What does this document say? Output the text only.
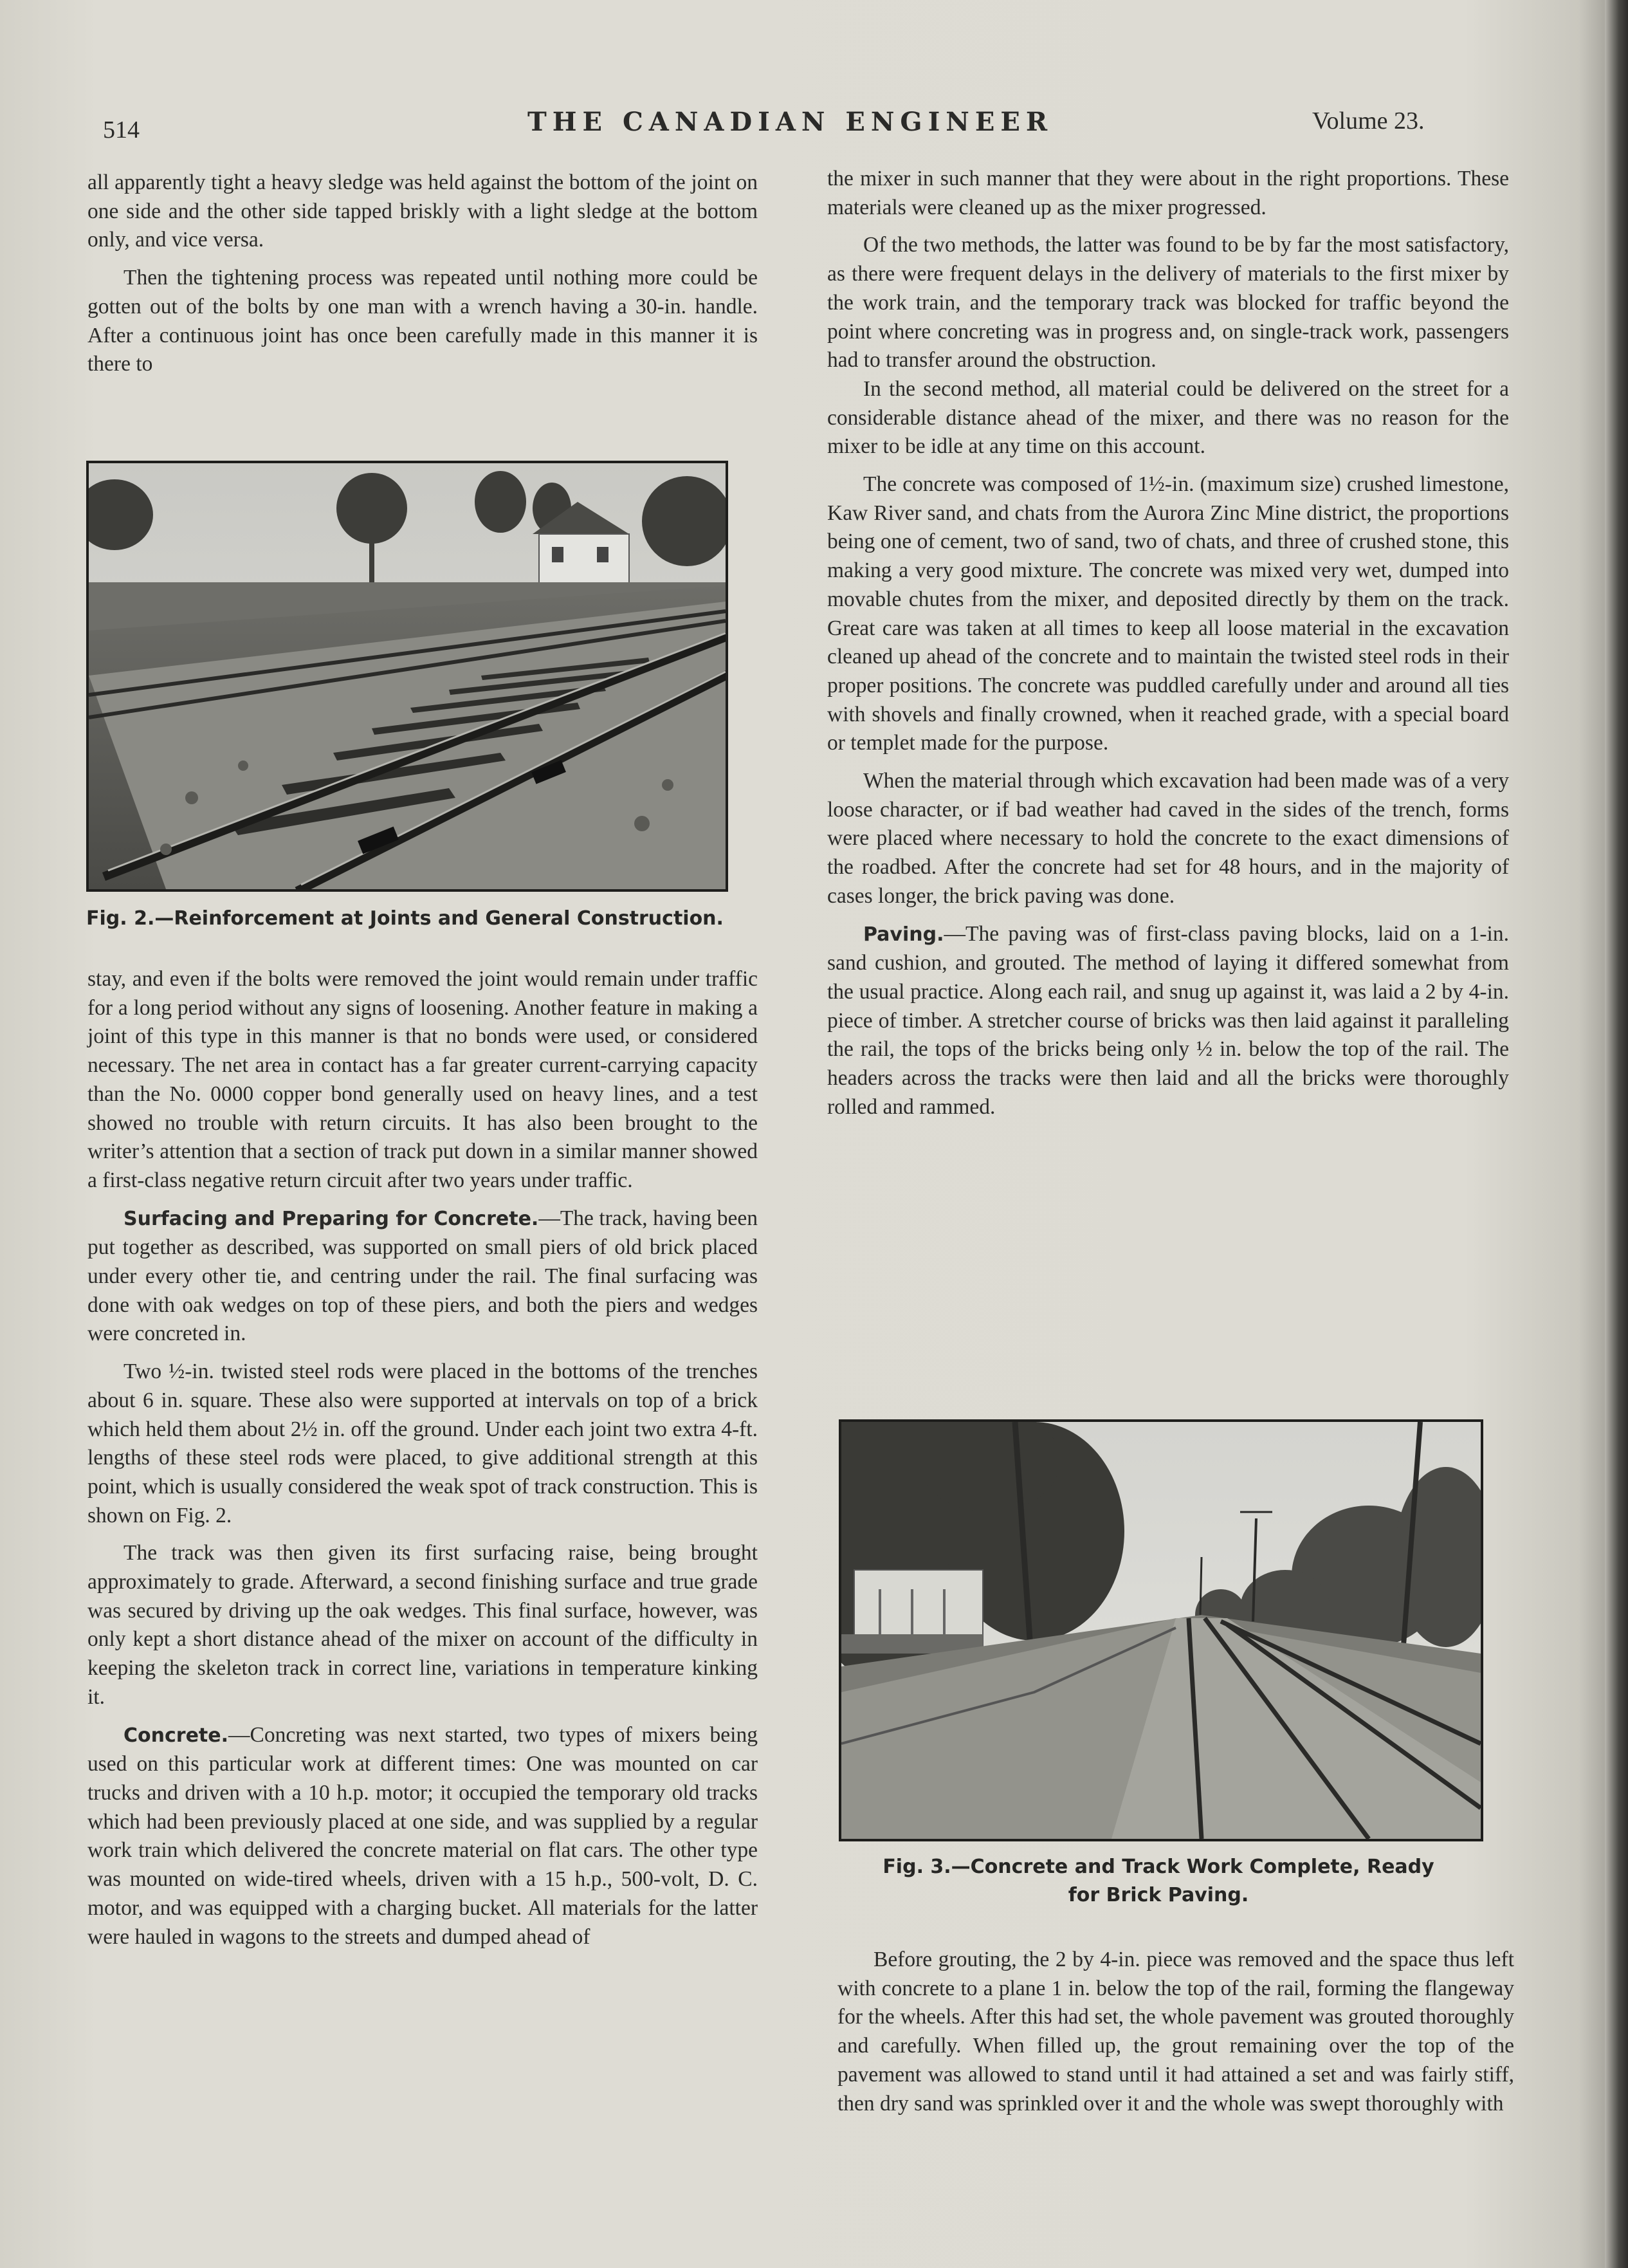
514	THE CANADIAN ENGINEER	Volume 23.

all apparently tight a heavy sledge was held against the bottom of the joint on one side and the other side tapped briskly with a light sledge at the bottom only, and vice versa.

Then the tightening process was repeated until nothing more could be gotten out of the bolts by one man with a wrench having a 30-in. handle. After a continuous joint has once been carefully made in this manner it is there to

Fig. 2.—Reinforcement at Joints and General Construction.

stay, and even if the bolts were removed the joint would remain under traffic for a long period without any signs of loosening. Another feature in making a joint of this type in this manner is that no bonds were used, or considered necessary. The net area in contact has a far greater current-carrying capacity than the No. 0000 copper bond generally used on heavy lines, and a test showed no trouble with return circuits. It has also been brought to the writer’s attention that a section of track put down in a similar manner showed a first-class negative return circuit after two years under traffic.

Surfacing and Preparing for Concrete.—The track, having been put together as described, was supported on small piers of old brick placed under every other tie, and centring under the rail. The final surfacing was done with oak wedges on top of these piers, and both the piers and wedges were concreted in.

Two ½-in. twisted steel rods were placed in the bottoms of the trenches about 6 in. square. These also were supported at intervals on top of a brick which held them about 2½ in. off the ground. Under each joint two extra 4-ft. lengths of these steel rods were placed, to give additional strength at this point, which is usually considered the weak spot of track construction. This is shown on Fig. 2.

The track was then given its first surfacing raise, being brought approximately to grade. Afterward, a second finishing surface and true grade was secured by driving up the oak wedges. This final surface, however, was only kept a short distance ahead of the mixer on account of the difficulty in keeping the skeleton track in correct line, variations in temperature kinking it.

Concrete.—Concreting was next started, two types of mixers being used on this particular work at different times: One was mounted on car trucks and driven with a 10 h.p. motor; it occupied the temporary old tracks which had been previously placed at one side, and was supplied by a regular work train which delivered the concrete material on flat cars. The other type was mounted on wide-tired wheels, driven with a 15 h.p., 500-volt, D. C. motor, and was equipped with a charging bucket. All materials for the latter were hauled in wagons to the streets and dumped ahead of

the mixer in such manner that they were about in the right proportions. These materials were cleaned up as the mixer progressed.

Of the two methods, the latter was found to be by far the most satisfactory, as there were frequent delays in the delivery of materials to the first mixer by the work train, and the temporary track was blocked for traffic beyond the point where concreting was in progress and, on single-track work, passengers had to transfer around the obstruction.

In the second method, all material could be delivered on the street for a considerable distance ahead of the mixer, and there was no reason for the mixer to be idle at any time on this account.

The concrete was composed of 1½-in. (maximum size) crushed limestone, Kaw River sand, and chats from the Aurora Zinc Mine district, the proportions being one of cement, two of sand, two of chats, and three of crushed stone, this making a very good mixture. The concrete was mixed very wet, dumped into movable chutes from the mixer, and deposited directly by them on the track. Great care was taken at all times to keep all loose material in the excavation cleaned up ahead of the concrete and to maintain the twisted steel rods in their proper positions. The concrete was puddled carefully under and around all ties with shovels and finally crowned, when it reached grade, with a special board or templet made for the purpose.

When the material through which excavation had been made was of a very loose character, or if bad weather had caved in the sides of the trench, forms were placed where necessary to hold the concrete to the exact dimensions of the roadbed. After the concrete had set for 48 hours, and in the majority of cases longer, the brick paving was done.

Paving.—The paving was of first-class paving blocks, laid on a 1-in. sand cushion, and grouted. The method of laying it differed somewhat from the usual practice. Along each rail, and snug up against it, was laid a 2 by 4-in. piece of timber. A stretcher course of bricks was then laid against it paralleling the rail, the tops of the bricks being only ½ in. below the top of the rail. The headers across the tracks were then laid and all the bricks were thoroughly rolled and rammed.

Fig. 3.—Concrete and Track Work Complete, Ready
for Brick Paving.

Before grouting, the 2 by 4-in. piece was removed and the space thus left with concrete to a plane 1 in. below the top of the rail, forming the flangeway for the wheels. After this had set, the whole pavement was grouted thoroughly and carefully. When filled up, the grout remaining over the top of the pavement was allowed to stand until it had attained a set and was fairly stiff, then dry sand was sprinkled over it and the whole was swept thoroughly with
